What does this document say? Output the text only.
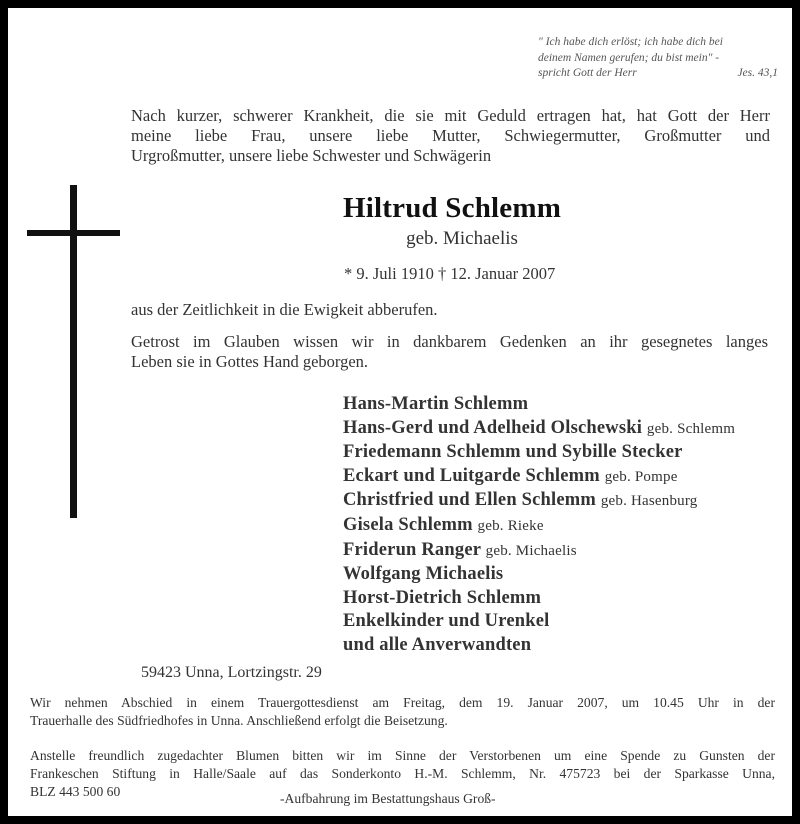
" Ich habe dich erlöst; ich habe dich bei
deinem Namen gerufen; du bist mein" -
spricht Gott der Herr	Jes. 43,1
Nach kurzer, schwerer Krankheit, die sie mit Geduld ertragen hat, hat Gott der Herr
meine liebe Frau, unsere liebe Mutter, Schwiegermutter, Großmutter und
Urgroßmutter, unsere liebe Schwester und Schwägerin
Hiltrud Schlemm
geb. Michaelis
* 9. Juli 1910 † 12. Januar 2007
aus der Zeitlichkeit in die Ewigkeit abberufen.
Getrost im Glauben wissen wir in dankbarem Gedenken an ihr gesegnetes langes
Leben sie in Gottes Hand geborgen.
Hans-Martin Schlemm
Hans-Gerd und Adelheid Olschewski geb. Schlemm
Friedemann Schlemm und Sybille Stecker
Eckart und Luitgarde Schlemm geb. Pompe
Christfried und Ellen Schlemm geb. Hasenburg
Gisela Schlemm geb. Rieke
Friderun Ranger geb. Michaelis
Wolfgang Michaelis
Horst-Dietrich Schlemm
Enkelkinder und Urenkel
und alle Anverwandten
59423 Unna, Lortzingstr. 29
Wir nehmen Abschied in einem Trauergottesdienst am Freitag, dem 19. Januar 2007, um 10.45 Uhr in der
Trauerhalle des Südfriedhofes in Unna. Anschließend erfolgt die Beisetzung.
Anstelle freundlich zugedachter Blumen bitten wir im Sinne der Verstorbenen um eine Spende zu Gunsten der
Frankeschen Stiftung in Halle/Saale auf das Sonderkonto H.-M. Schlemm, Nr. 475723 bei der Sparkasse Unna,
BLZ 443 500 60	-Aufbahrung im Bestattungshaus Groß-
